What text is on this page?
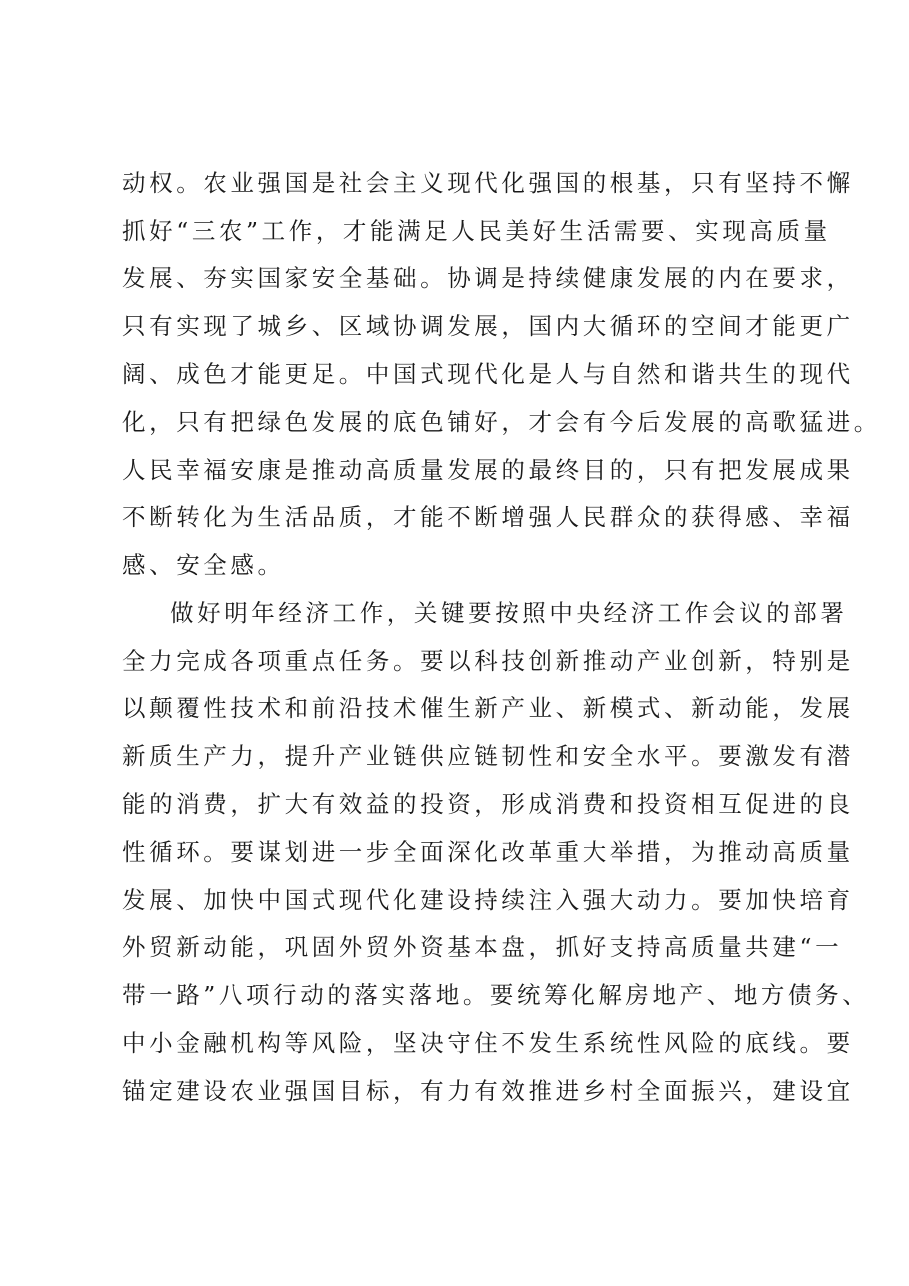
动权。农业强国是社会主义现代化强国的根基，只有坚持不懈
抓好“三农”工作，才能满足人民美好生活需要、实现高质量
发展、夯实国家安全基础。协调是持续健康发展的内在要求，
只有实现了城乡、区域协调发展，国内大循环的空间才能更广
阔、成色才能更足。中国式现代化是人与自然和谐共生的现代
化，只有把绿色发展的底色铺好，才会有今后发展的高歌猛进。
人民幸福安康是推动高质量发展的最终目的，只有把发展成果
不断转化为生活品质，才能不断增强人民群众的获得感、幸福
感、安全感。
做好明年经济工作，关键要按照中央经济工作会议的部署
全力完成各项重点任务。要以科技创新推动产业创新，特别是
以颠覆性技术和前沿技术催生新产业、新模式、新动能，发展
新质生产力，提升产业链供应链韧性和安全水平。要激发有潜
能的消费，扩大有效益的投资，形成消费和投资相互促进的良
性循环。要谋划进一步全面深化改革重大举措，为推动高质量
发展、加快中国式现代化建设持续注入强大动力。要加快培育
外贸新动能，巩固外贸外资基本盘，抓好支持高质量共建“一
带一路”八项行动的落实落地。要统筹化解房地产、地方债务、
中小金融机构等风险，坚决守住不发生系统性风险的底线。要
锚定建设农业强国目标，有力有效推进乡村全面振兴，建设宜
